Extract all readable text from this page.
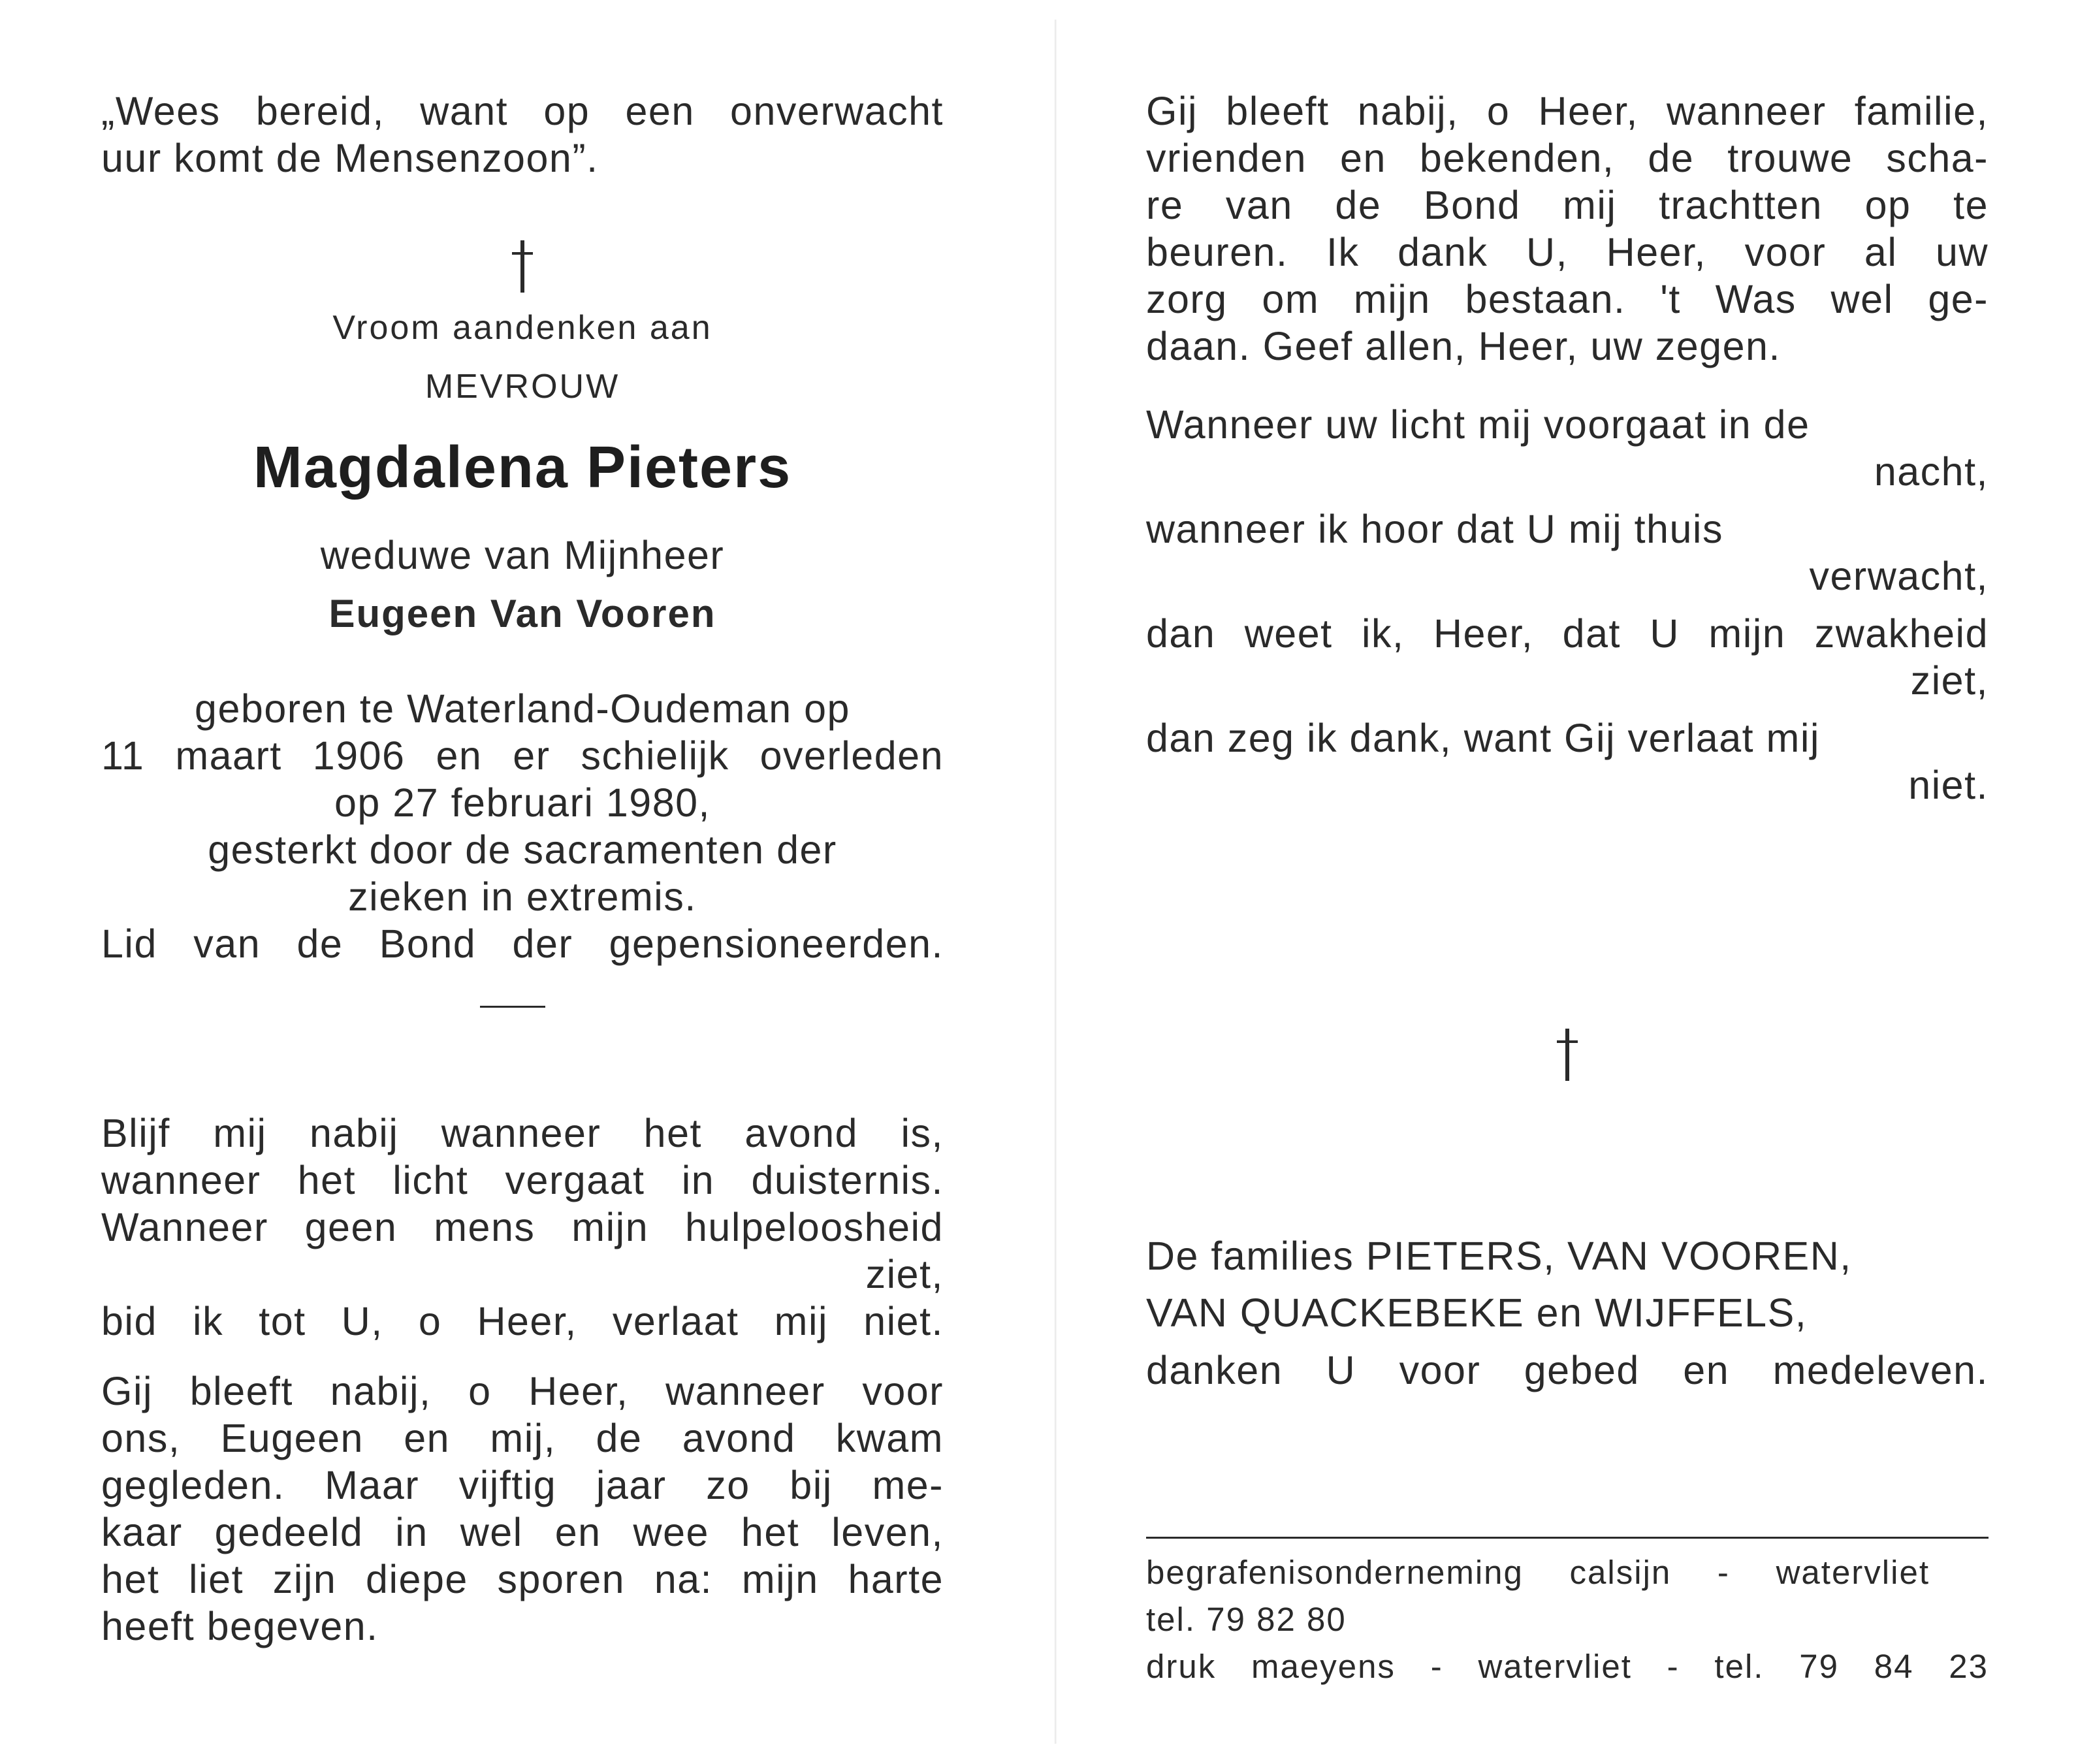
„Wees bereid, want op een onverwacht
uur komt de Mensenzoon”.
Vroom aandenken aan
MEVROUW
Magdalena Pieters
weduwe van Mijnheer
Eugeen Van Vooren
geboren te Waterland-Oudeman op
11 maart 1906 en er schielijk overleden
op 27 februari 1980,
gesterkt door de sacramenten der
zieken in extremis.
Lid van de Bond der gepensioneerden.
Blijf mij nabij wanneer het avond is,
wanneer het licht vergaat in duisternis.
Wanneer geen mens mijn hulpeloosheid
ziet,
bid ik tot U, o Heer, verlaat mij niet.
Gij bleeft nabij, o Heer, wanneer voor
ons, Eugeen en mij, de avond kwam
gegleden. Maar vijftig jaar zo bij me-
kaar gedeeld in wel en wee het leven,
het liet zijn diepe sporen na: mijn harte
heeft begeven.
Gij bleeft nabij, o Heer, wanneer familie,
vrienden en bekenden, de trouwe scha-
re van de Bond mij trachtten op te
beuren. Ik dank U, Heer, voor al uw
zorg om mijn bestaan. 't Was wel ge-
daan. Geef allen, Heer, uw zegen.
Wanneer uw licht mij voorgaat in de
nacht,
wanneer ik hoor dat U mij thuis
verwacht,
dan weet ik, Heer, dat U mijn zwakheid
ziet,
dan zeg ik dank, want Gij verlaat mij
niet.
De families PIETERS, VAN VOOREN,
VAN QUACKEBEKE en WIJFFELS,
danken U voor gebed en medeleven.
begrafenisonderneming calsijn - watervliet
tel. 79 82 80
druk maeyens - watervliet - tel. 79 84 23
